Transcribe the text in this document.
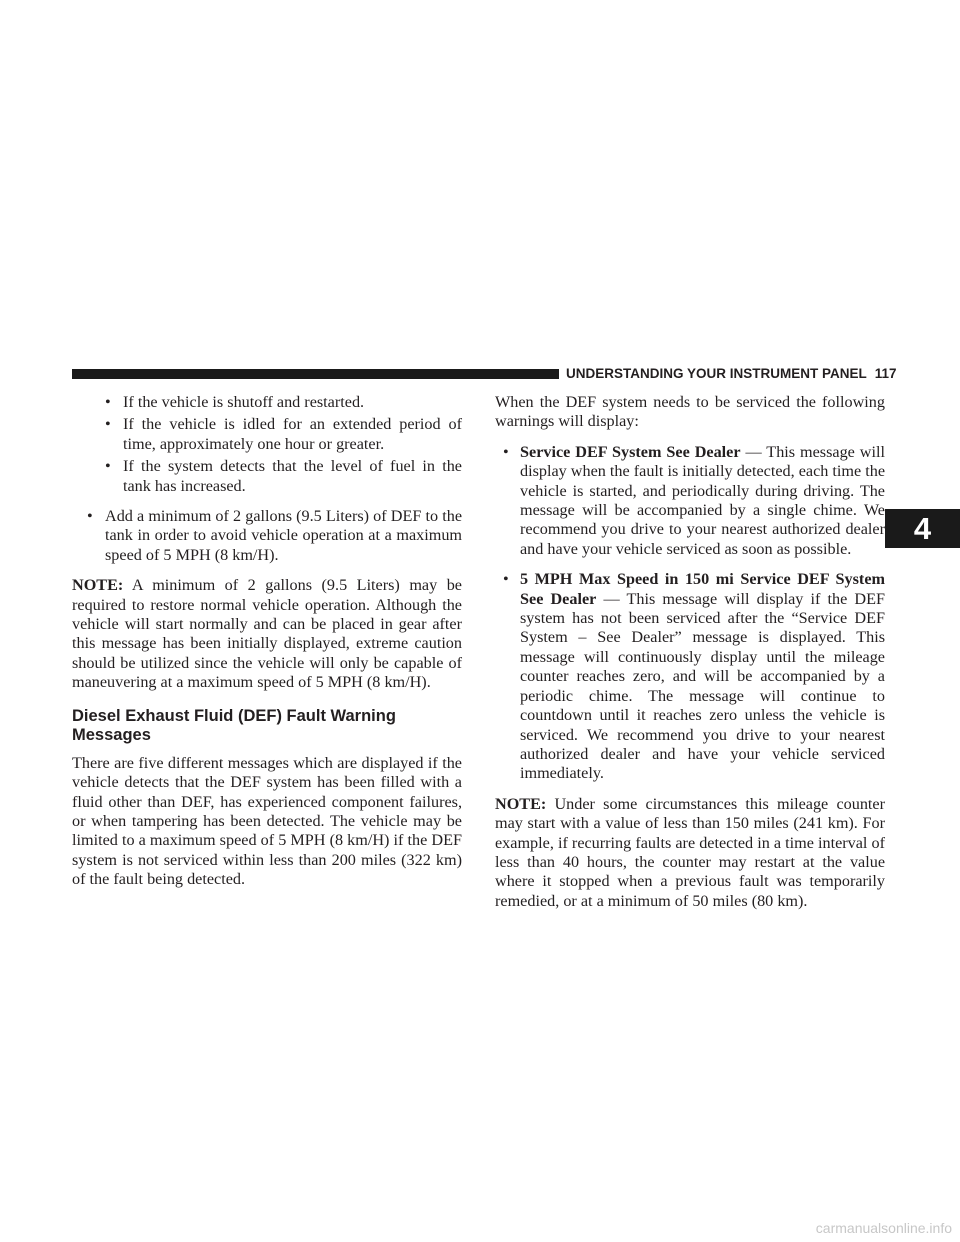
UNDERSTANDING YOUR INSTRUMENT PANEL 117
4
• If the vehicle is shutoff and restarted.
• If the vehicle is idled for an extended period of time, approximately one hour or greater.
• If the system detects that the level of fuel in the tank has increased.
• Add a minimum of 2 gallons (9.5 Liters) of DEF to the tank in order to avoid vehicle operation at a maximum speed of 5 MPH (8 km/H).

NOTE: A minimum of 2 gallons (9.5 Liters) may be required to restore normal vehicle operation. Although the vehicle will start normally and can be placed in gear after this message has been initially displayed, extreme caution should be utilized since the vehicle will only be capable of maneuvering at a maximum speed of 5 MPH (8 km/H).

Diesel Exhaust Fluid (DEF) Fault Warning Messages

There are five different messages which are displayed if the vehicle detects that the DEF system has been filled with a fluid other than DEF, has experienced component failures, or when tampering has been detected. The vehicle may be limited to a maximum speed of 5 MPH (8 km/H) if the DEF system is not serviced within less than 200 miles (322 km) of the fault being detected.

When the DEF system needs to be serviced the following warnings will display:

• Service DEF System See Dealer — This message will display when the fault is initially detected, each time the vehicle is started, and periodically during driving. The message will be accompanied by a single chime. We recommend you drive to your nearest authorized dealer and have your vehicle serviced as soon as possible.
• 5 MPH Max Speed in 150 mi Service DEF System See Dealer — This message will display if the DEF system has not been serviced after the “Service DEF System – See Dealer” message is displayed. This message will continuously display until the mileage counter reaches zero, and will be accompanied by a periodic chime. The message will continue to countdown until it reaches zero unless the vehicle is serviced. We recommend you drive to your nearest authorized dealer and have your vehicle serviced immediately.

NOTE: Under some circumstances this mileage counter may start with a value of less than 150 miles (241 km). For example, if recurring faults are detected in a time interval of less than 40 hours, the counter may restart at the value where it stopped when a previous fault was temporarily remedied, or at a minimum of 50 miles (80 km).

carmanualsonline.info
